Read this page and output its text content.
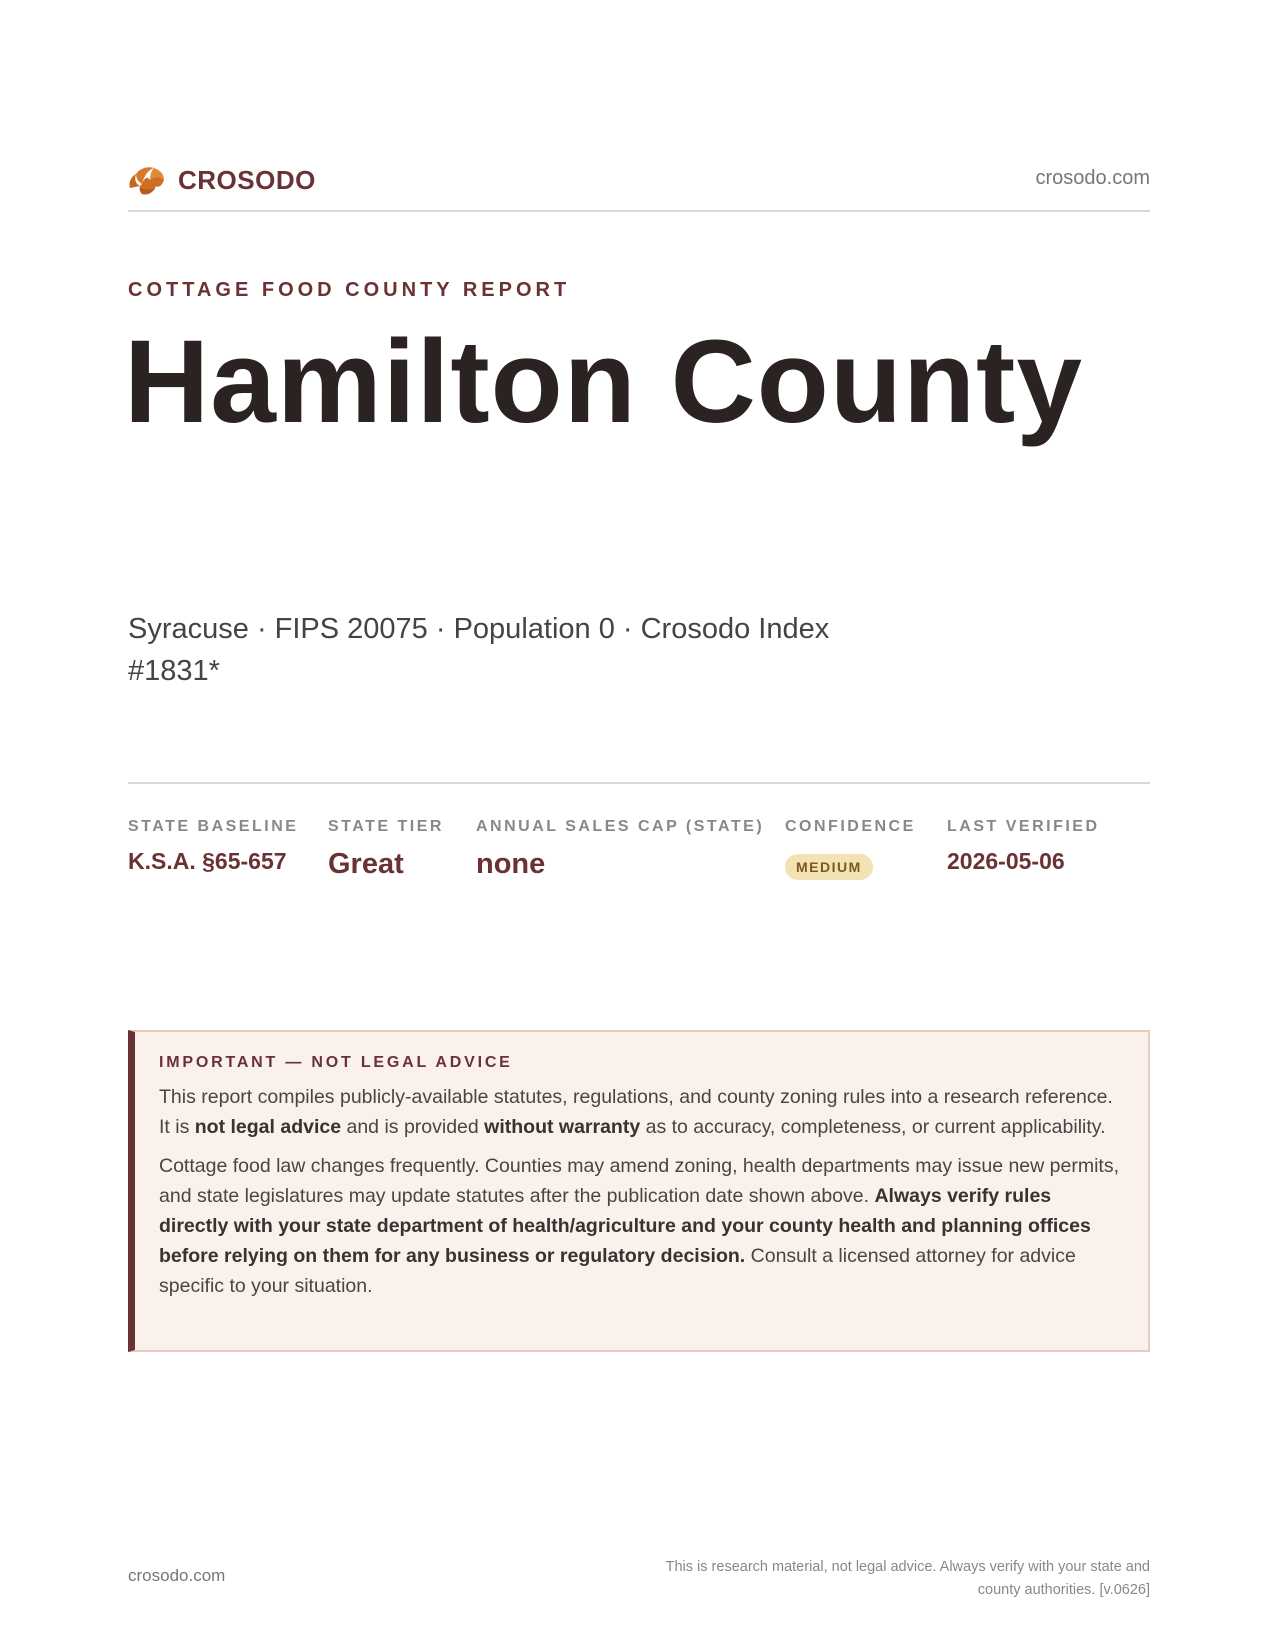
CROSODO	crosodo.com
COTTAGE FOOD COUNTY REPORT
Hamilton County
Syracuse · FIPS 20075 · Population 0 · Crosodo Index #1831*
STATE BASELINE
K.S.A. §65-657
STATE TIER
Great
ANNUAL SALES CAP (STATE)
none
CONFIDENCE
MEDIUM
LAST VERIFIED
2026-05-06
IMPORTANT — NOT LEGAL ADVICE

This report compiles publicly-available statutes, regulations, and county zoning rules into a research reference. It is not legal advice and is provided without warranty as to accuracy, completeness, or current applicability.

Cottage food law changes frequently. Counties may amend zoning, health departments may issue new permits, and state legislatures may update statutes after the publication date shown above. Always verify rules directly with your state department of health/agriculture and your county health and planning offices before relying on them for any business or regulatory decision. Consult a licensed attorney for advice specific to your situation.

crosodo.com	This is research material, not legal advice. Always verify with your state and county authorities. [v.0626]
